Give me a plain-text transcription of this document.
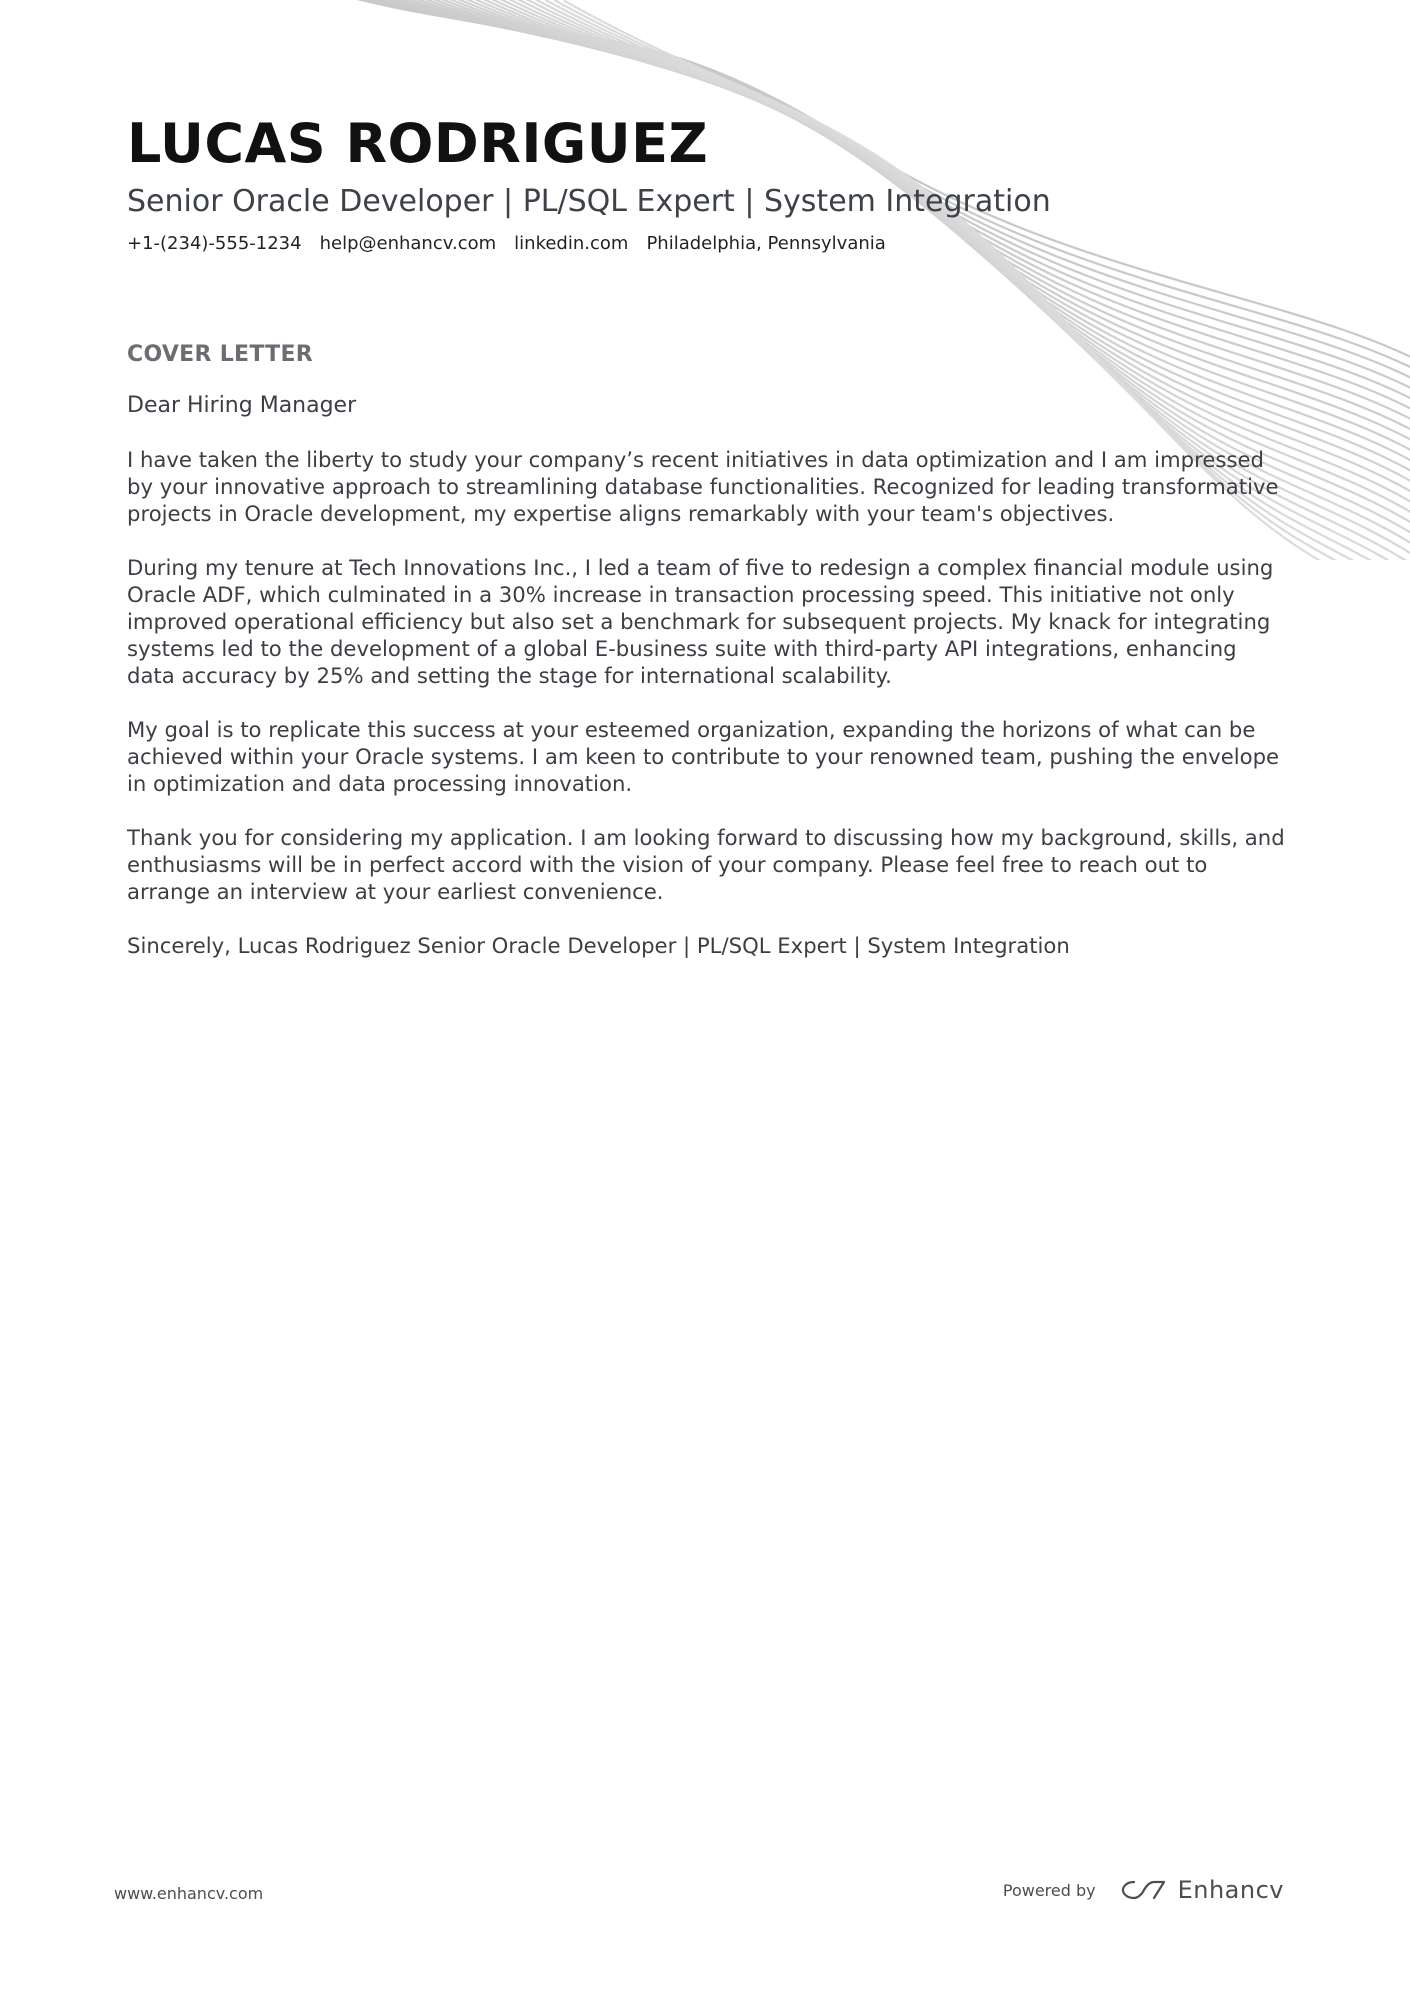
LUCAS RODRIGUEZ
Senior Oracle Developer | PL/SQL Expert | System Integration
+1-(234)-555-1234 help@enhancv.com linkedin.com Philadelphia, Pennsylvania
COVER LETTER

Dear Hiring Manager

I have taken the liberty to study your company’s recent initiatives in data optimization and I am impressed by your innovative approach to streamlining database functionalities. Recognized for leading transformative projects in Oracle development, my expertise aligns remarkably with your team's objectives.

During my tenure at Tech Innovations Inc., I led a team of five to redesign a complex financial module using Oracle ADF, which culminated in a 30% increase in transaction processing speed. This initiative not only improved operational efficiency but also set a benchmark for subsequent projects. My knack for integrating systems led to the development of a global E-business suite with third-party API integrations, enhancing data accuracy by 25% and setting the stage for international scalability.

My goal is to replicate this success at your esteemed organization, expanding the horizons of what can be achieved within your Oracle systems. I am keen to contribute to your renowned team, pushing the envelope in optimization and data processing innovation.

Thank you for considering my application. I am looking forward to discussing how my background, skills, and enthusiasms will be in perfect accord with the vision of your company. Please feel free to reach out to arrange an interview at your earliest convenience.

Sincerely, Lucas Rodriguez Senior Oracle Developer | PL/SQL Expert | System Integration

www.enhancv.com	Powered by	Enhancv
